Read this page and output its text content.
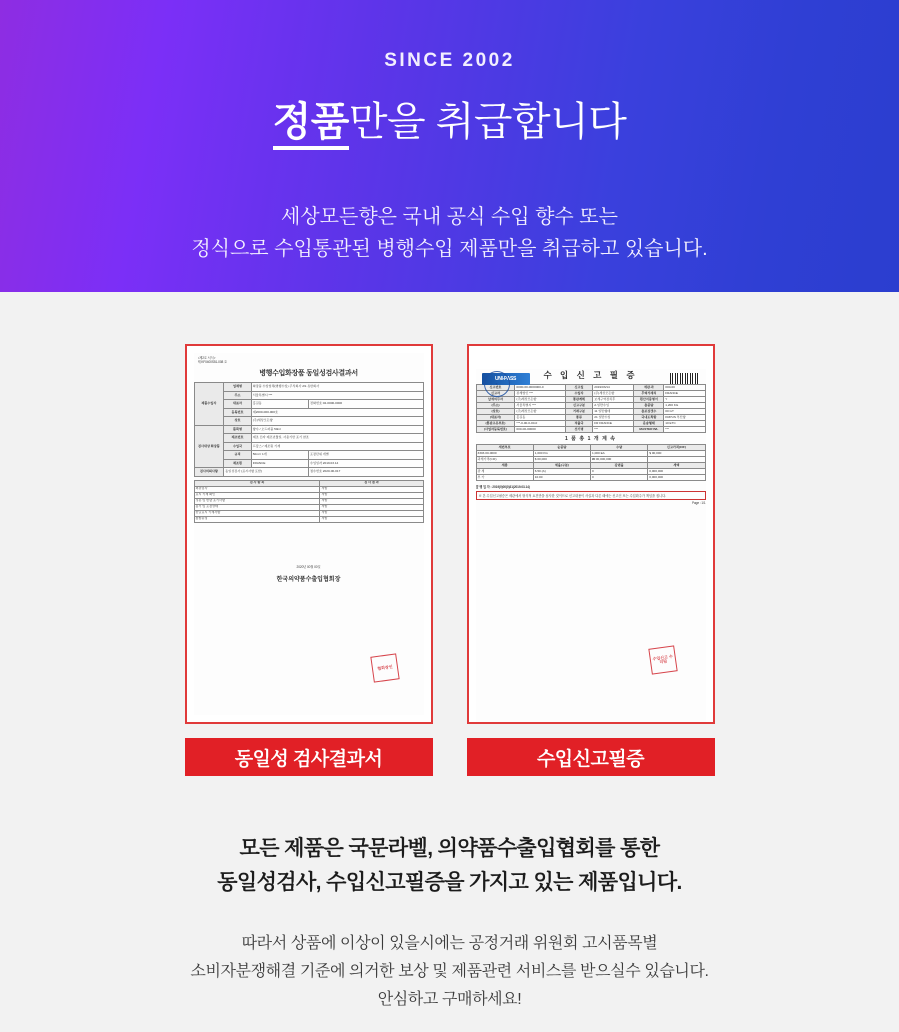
SINCE 2002
정품만을 취급합니다
세상모든향은 국내 공식 수입 향수 또는
정식으로 수입통관된 병행수입 제품만을 취급하고 있습니다.
<제2호 서식>
제 KF0400S51-008 호
병행수입화장품 동일성검사결과서
제품수입자	업체명	화장품 수입업체(병행수입) 주식회사 AS 유한회사	
	주소	서울특별시 ***	
	대표자	홍길동	전화번호 02-0000-0000
	등록번호	제2000-000-000호	
	상호	(주)세상모든향	
검사대상 화장품	품목명	향수 / 오드퍼퓸 50ml	
	제조번호	제조 日자 제조년월일, 사용기한 표기 참조	
	수입국	프랑스 / 제조원 기재	
	규격	50ml / 1개	포장단위 개별
	제조원	FRANCE	수입일자 2019.03.14
검사의뢰사항	동일성검사 (표시사항 포함)		접수번호 2020-00-017
검 사 항 목	검 사 결 과
외관검사	적합
표시 기재 확인	적합
성분 및 함량 표기사항	적합
용기 및 포장상태	적합
한글표시 기재사항	적합
종합판정	적합
2020년 00월 00일
한국의약품수출입협회장
협회장인
동일성 검사결과서
UNI-PASS	수 입 신 고 필 증
신고번호	0000-00-0000000-0	신고일	2019/03/14	세관.과	000-00
신고자	관세법인 ***	수입자	(주)세상모든향	무역거래처	FRANCE
납세의무자	(주)세상모든향	통관계획	보세구역장치후	원산지증명서	Y
(주소)	서울특별시 ***	신고구분	A 일반수입	총중량	1,200 KG
(상호)	(주)세상모든향	거래구분	11 일반형태	총포장갯수	00 GT
(대표자)	홍길동	종류	21 일반수입	국내도착항	KRPUS 부산항
(통관고유부호)	***-0-00-0-00-0	적출국	FR FRANCE	운송형태	10 ETC
(사업자등록번호)	000-00-00000	선기명	***	MASTER B/L	***
1 품 총 1 개 계 속
세번부호	순중량	수량	신고가격(CIF)
3303.00-0000	1,000 KG	1,000 EA	$ 00,000
과세가격(CIF)	$ 00,000	₩ 00,000,000	
세종	세율(구분)	감면율	세액
관 세	6.50 (A)	0	0,000,000
부 가	10.00	0	0,000,000
발 행 일 자 : 2019(0)00(0)31(2019.03.14)
※ 본 수입신고필증은 세관에서 형식적 요건만을 심사한 것이므로 신고내용이 사실과 다른 때에는 신고인 또는 수입화주가 책임을 집니다.
Page : 1/1
●
수입신고 수리됨
수입신고필증
모든 제품은 국문라벨, 의약품수출입협회를 통한
동일성검사, 수입신고필증을 가지고 있는 제품입니다.
따라서 상품에 이상이 있을시에는 공정거래 위원회 고시품목별
소비자분쟁해결 기준에 의거한 보상 및 제품관련 서비스를 받으실수 있습니다.
안심하고 구매하세요!
